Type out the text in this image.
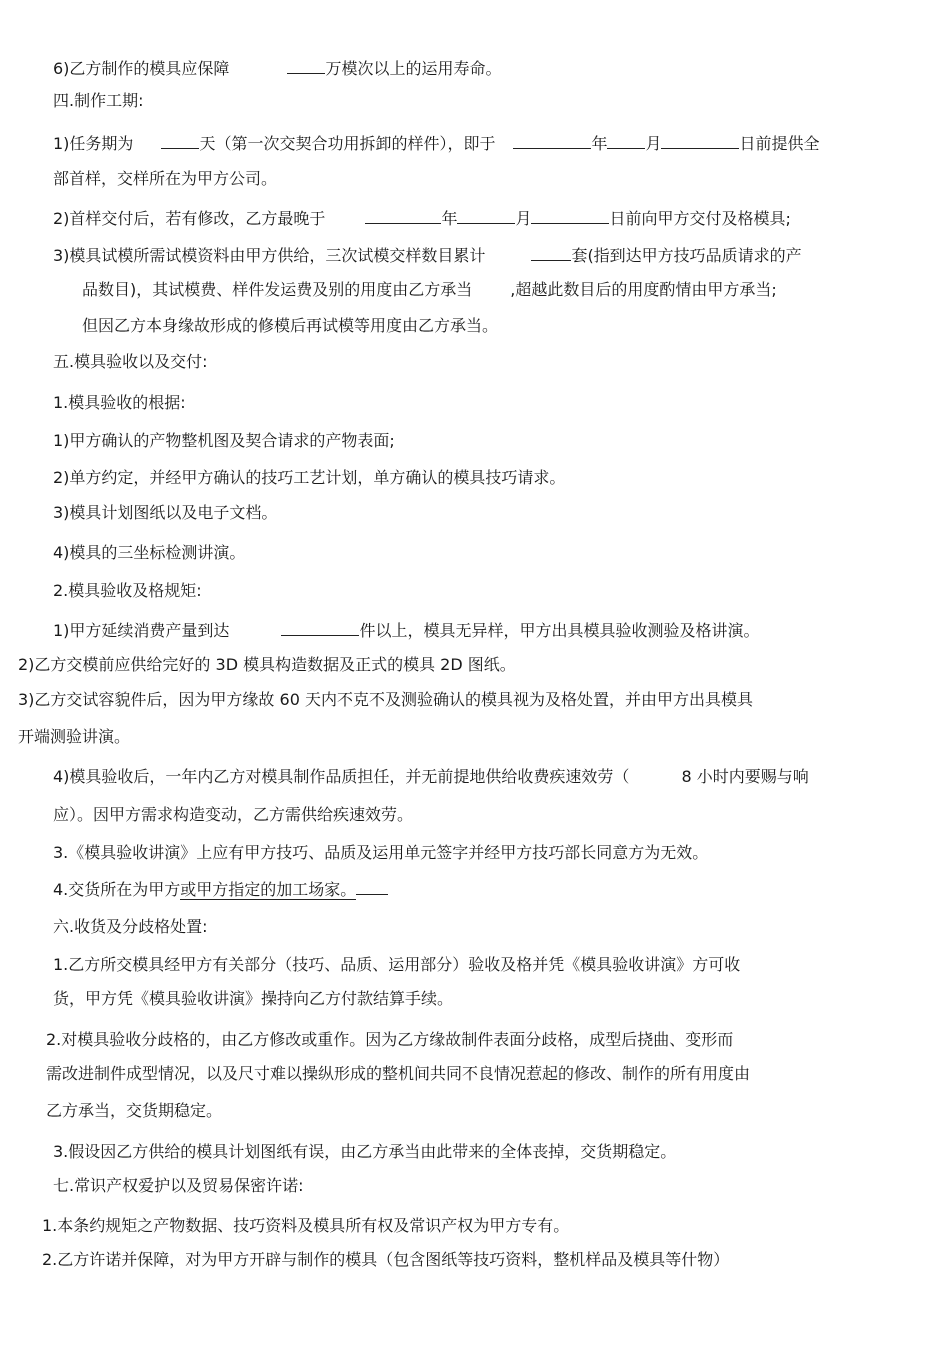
6)乙方制作的模具应保障	万模次以上的运用寿命。
四.制作工期:
1)任务期为	天（第一次交契合功用拆卸的样件），即于	年 月	日前提供全
部首样，交样所在为甲方公司。
2)首样交付后，若有修改，乙方最晚于	年	月	日前向甲方交付及格模具;
3)模具试模所需试模资料由甲方供给，三次试模交样数目累计	套(指到达甲方技巧品质请求的产
品数目)，其试模费、样件发运费及别的用度由乙方承当 ,超越此数目后的用度酌情由甲方承当;
但因乙方本身缘故形成的修模后再试模等用度由乙方承当。
五.模具验收以及交付:
1.模具验收的根据:
1)甲方确认的产物整机图及契合请求的产物表面;
2)单方约定，并经甲方确认的技巧工艺计划，单方确认的模具技巧请求。
3)模具计划图纸以及电子文档。
4)模具的三坐标检测讲演。
2.模具验收及格规矩:
1)甲方延续消费产量到达	件以上，模具无异样，甲方出具模具验收测验及格讲演。
2)乙方交模前应供给完好的 3D 模具构造数据及正式的模具 2D 图纸。
3)乙方交试容貌件后，因为甲方缘故 60 天内不克不及测验确认的模具视为及格处置，并由甲方出具模具
开端测验讲演。
4)模具验收后，一年内乙方对模具制作品质担任，并无前提地供给收费疾速效劳（	8 小时内要赐与响
应）。因甲方需求构造变动，乙方需供给疾速效劳。
3.《模具验收讲演》上应有甲方技巧、品质及运用单元签字并经甲方技巧部长同意方为无效。
4.交货所在为甲方或甲方指定的加工场家。
六.收货及分歧格处置:
1.乙方所交模具经甲方有关部分（技巧、品质、运用部分）验收及格并凭《模具验收讲演》方可收
货，甲方凭《模具验收讲演》操持向乙方付款结算手续。
2.对模具验收分歧格的，由乙方修改或重作。因为乙方缘故制件表面分歧格，成型后挠曲、变形而
需改进制件成型情况，以及尺寸难以操纵形成的整机间共同不良情况惹起的修改、制作的所有用度由
乙方承当，交货期稳定。
3.假设因乙方供给的模具计划图纸有误，由乙方承当由此带来的全体丧掉，交货期稳定。
七.常识产权爱护以及贸易保密许诺:
1.本条约规矩之产物数据、技巧资料及模具所有权及常识产权为甲方专有。
2.乙方许诺并保障，对为甲方开辟与制作的模具（包含图纸等技巧资料，整机样品及模具等什物）
